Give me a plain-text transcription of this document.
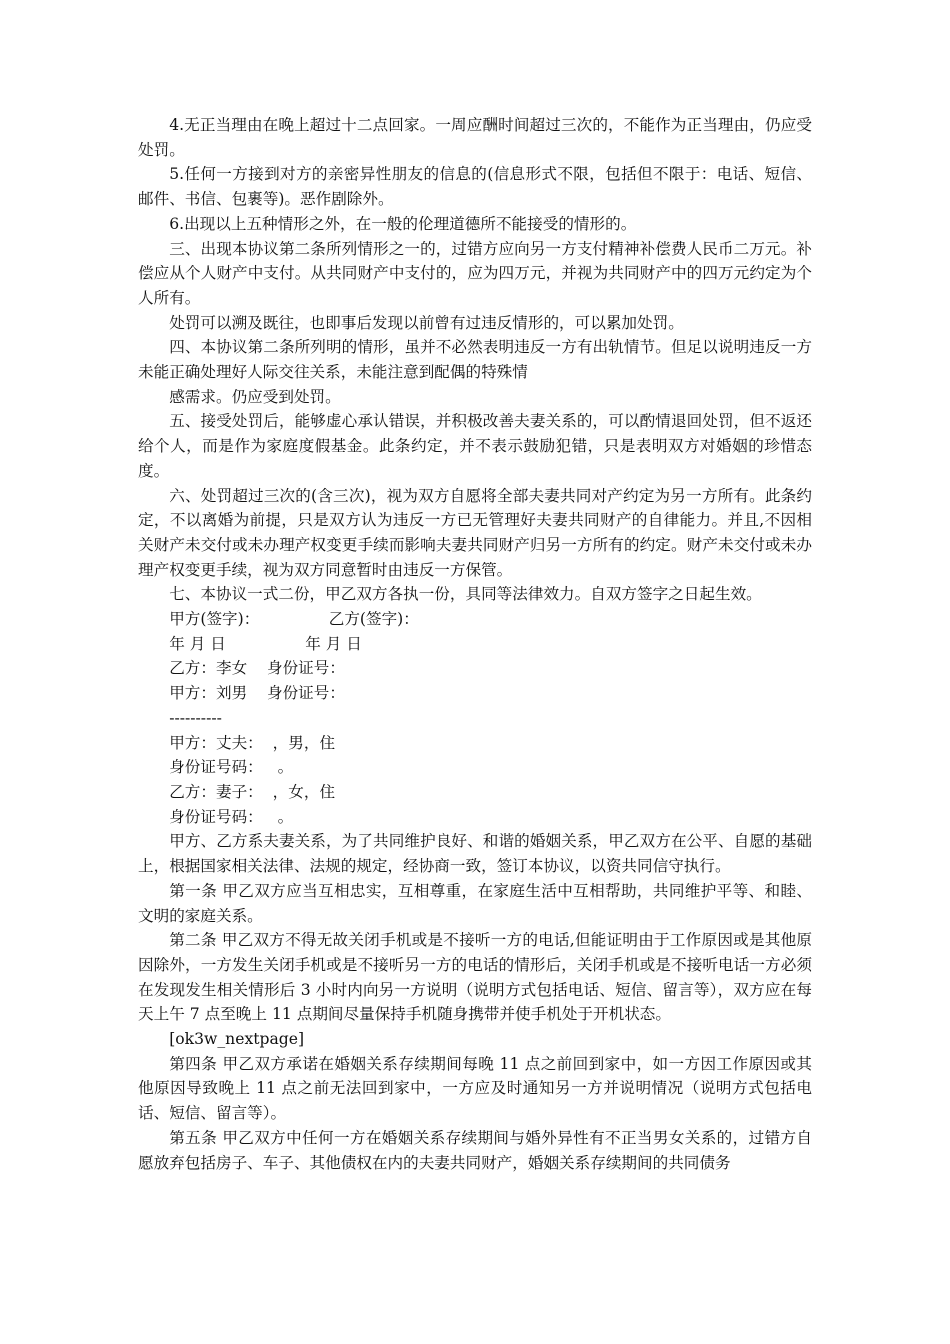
4.无正当理由在晚上超过十二点回家。一周应酬时间超过三次的，不能作为正当理由，仍应受处罚。

5.任何一方接到对方的亲密异性朋友的信息的(信息形式不限，包括但不限于：电话、短信、邮件、书信、包裹等)。恶作剧除外。

6.出现以上五种情形之外，在一般的伦理道德所不能接受的情形的。

三、出现本协议第二条所列情形之一的，过错方应向另一方支付精神补偿费人民币二万元。补偿应从个人财产中支付。从共同财产中支付的，应为四万元，并视为共同财产中的四万元约定为个人所有。

处罚可以溯及既往，也即事后发现以前曾有过违反情形的，可以累加处罚。

四、本协议第二条所列明的情形，虽并不必然表明违反一方有出轨情节。但足以说明违反一方未能正确处理好人际交往关系，未能注意到配偶的特殊情

感需求。仍应受到处罚。

五、接受处罚后，能够虚心承认错误，并积极改善夫妻关系的，可以酌情退回处罚，但不返还给个人，而是作为家庭度假基金。此条约定，并不表示鼓励犯错，只是表明双方对婚姻的珍惜态度。

六、处罚超过三次的(含三次)，视为双方自愿将全部夫妻共同对产约定为另一方所有。此条约定，不以离婚为前提，只是双方认为违反一方已无管理好夫妻共同财产的自律能力。并且,不因相关财产未交付或未办理产权变更手续而影响夫妻共同财产归另一方所有的约定。财产未交付或未办理产权变更手续，视为双方同意暂时由违反一方保管。

七、本协议一式二份，甲乙双方各执一份，具同等法律效力。自双方签字之日起生效。

甲方(签字)：              乙方(签字)：

年 月 日                年 月 日

乙方：李女    身份证号：

甲方：刘男    身份证号：

----------

甲方：丈夫：  ，男，住

身份证号码：   。

乙方：妻子：  ，女，住

身份证号码：   。

甲方、乙方系夫妻关系，为了共同维护良好、和谐的婚姻关系，甲乙双方在公平、自愿的基础上，根据国家相关法律、法规的规定，经协商一致，签订本协议，以资共同信守执行。

第一条 甲乙双方应当互相忠实，互相尊重，在家庭生活中互相帮助，共同维护平等、和睦、文明的家庭关系。

第二条 甲乙双方不得无故关闭手机或是不接听一方的电话,但能证明由于工作原因或是其他原因除外，一方发生关闭手机或是不接听另一方的电话的情形后，关闭手机或是不接听电话一方必须在发现发生相关情形后 3 小时内向另一方说明（说明方式包括电话、短信、留言等），双方应在每天上午 7 点至晚上 11 点期间尽量保持手机随身携带并使手机处于开机状态。

[ok3w_nextpage]

第四条 甲乙双方承诺在婚姻关系存续期间每晚 11 点之前回到家中，如一方因工作原因或其他原因导致晚上 11 点之前无法回到家中，一方应及时通知另一方并说明情况（说明方式包括电话、短信、留言等）。

第五条 甲乙双方中任何一方在婚姻关系存续期间与婚外异性有不正当男女关系的，过错方自愿放弃包括房子、车子、其他债权在内的夫妻共同财产，婚姻关系存续期间的共同债务
